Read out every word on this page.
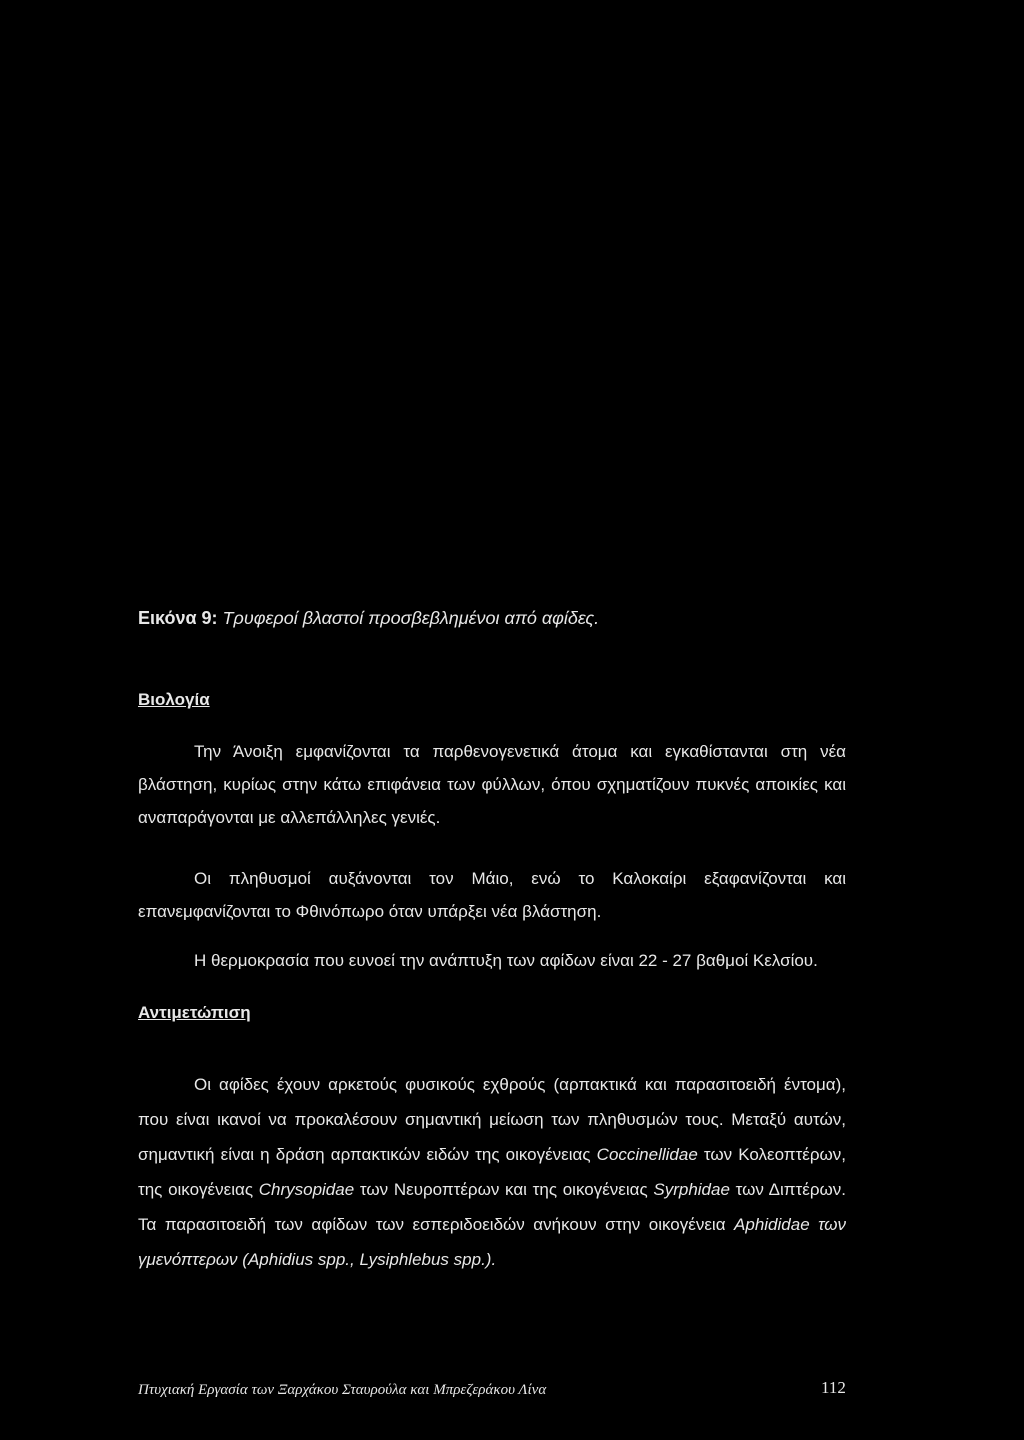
Εικόνα 9: Τρυφεροί βλαστοί προσβεβλημένοι από αφίδες.
Βιολογία
Την Άνοιξη εμφανίζονται τα παρθενογενετικά άτομα και εγκαθίστανται στη νέα βλάστηση, κυρίως στην κάτω επιφάνεια των φύλλων, όπου σχηματίζουν πυκνές αποικίες και αναπαράγονται με αλλεπάλληλες γενιές.
Οι πληθυσμοί αυξάνονται τον Μάιο, ενώ το Καλοκαίρι εξαφανίζονται και επανεμφανίζονται το Φθινόπωρο όταν υπάρξει νέα βλάστηση.
Η θερμοκρασία που ευνοεί την ανάπτυξη των αφίδων είναι 22 - 27 βαθμοί Κελσίου.
Αντιμετώπιση
Οι αφίδες έχουν αρκετούς φυσικούς εχθρούς (αρπακτικά και παρασιτοειδή έντομα), που είναι ικανοί να προκαλέσουν σημαντική μείωση των πληθυσμών τους. Μεταξύ αυτών, σημαντική είναι η δράση αρπακτικών ειδών της οικογένειας Coccinellidae των Κολεοπτέρων, της οικογένειας Chrysopidae των Νευροπτέρων και της οικογένειας Syrphidae των Διπτέρων. Τα παρασιτοειδή των αφίδων των εσπεριδοειδών ανήκουν στην οικογένεια Aphididae των γμενόπτερων (Aphidius spp., Lysiphlebus spp.).
Πτυχιακή Εργασία των Ξαρχάκου Σταυρούλα και Μπρεζεράκου Λίνα	112
